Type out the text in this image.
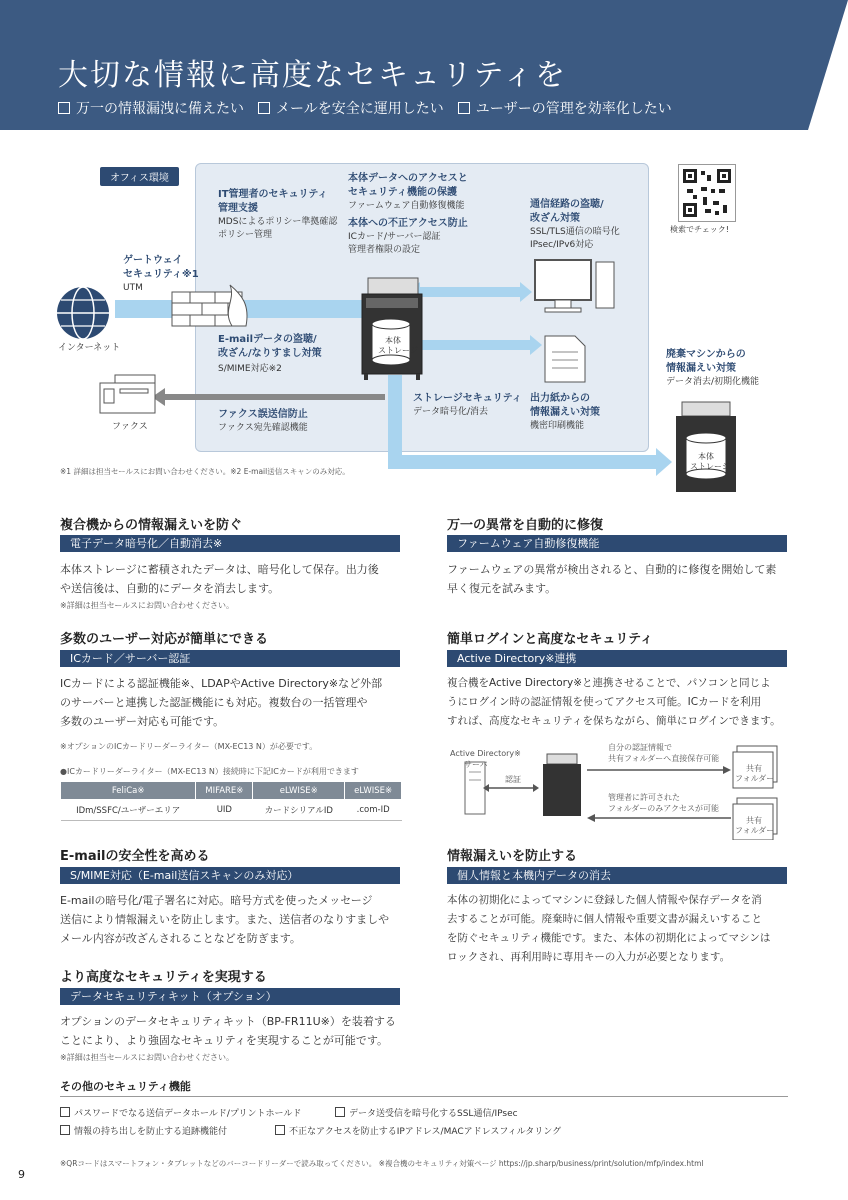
大切な情報に高度なセキュリティを
万一の情報漏洩に備えたい	メールを安全に運用したい	ユーザーの管理を効率化したい
オフィス環境
インターネット
ゲートウェイ
セキュリティ※1
UTM
IT管理者のセキュリティ
管理支援
MDSによるポリシー準拠確認
ポリシー管理
本体データへのアクセスと
セキュリティ機能の保護
ファームウェア自動修復機能
本体への不正アクセス防止
ICカード/サーバー認証
管理者権限の設定
通信経路の盗聴/
改ざん対策
SSL/TLS通信の暗号化
IPsec/IPv6対応
E-mailデータの盗聴/
改ざん/なりすまし対策
S/MIME対応※2
本体
ストレージ
ファクス
ファクス誤送信防止
ファクス宛先確認機能
ストレージセキュリティ
データ暗号化/消去
出力紙からの
情報漏えい対策
機密印刷機能
廃棄マシンからの
情報漏えい対策
データ消去/初期化機能
本体
ストレージ
検索でチェック!
※1 詳細は担当セールスにお問い合わせください。※2 E-mail送信スキャンのみ対応。
複合機からの情報漏えいを防ぐ
電子データ暗号化／自動消去※
本体ストレージに蓄積されたデータは、暗号化して保存。出力後
や送信後は、自動的にデータを消去します。
※詳細は担当セールスにお問い合わせください。
万一の異常を自動的に修復
ファームウェア自動修復機能
ファームウェアの異常が検出されると、自動的に修復を開始して素
早く復元を試みます。
多数のユーザー対応が簡単にできる
ICカード／サーバー認証
ICカードによる認証機能※、LDAPやActive Directory※など外部
のサーバーと連携した認証機能にも対応。複数台の一括管理や
多数のユーザー対応も可能です。
※オプションのICカードリーダーライター（MX-EC13 N）が必要です。
●ICカードリーダーライター（MX-EC13 N）接続時に下記ICカードが利用できます
FeliCa※	MIFARE※	eLWISE※	eLWISE※
IDm/SSFC/ユーザーエリア	UID	カードシリアルID	.com-ID
簡単ログインと高度なセキュリティ
Active Directory※連携
複合機をActive Directory※と連携させることで、パソコンと同じよ
うにログイン時の認証情報を使ってアクセス可能。ICカードを利用
すれば、高度なセキュリティを保ちながら、簡単にログインできます。
Active Directory※
サーバ
認証
自分の認証情報で
共有フォルダーへ直接保存可能
管理者に許可された
フォルダーのみアクセスが可能
共有
フォルダー
共有
フォルダー
E-mailの安全性を高める
S/MIME対応（E-mail送信スキャンのみ対応）
E-mailの暗号化/電子署名に対応。暗号方式を使ったメッセージ
送信により情報漏えいを防止します。また、送信者のなりすましや
メール内容が改ざんされることなどを防ぎます。
情報漏えいを防止する
個人情報と本機内データの消去
本体の初期化によってマシンに登録した個人情報や保存データを消
去することが可能。廃棄時に個人情報や重要文書が漏えいすること
を防ぐセキュリティ機能です。また、本体の初期化によってマシンは
ロックされ、再利用時に専用キーの入力が必要となります。
より高度なセキュリティを実現する
データセキュリティキット（オプション）
オプションのデータセキュリティキット（BP-FR11U※）を装着する
ことにより、より強固なセキュリティを実現することが可能です。
※詳細は担当セールスにお問い合わせください。
その他のセキュリティ機能
パスワードでなる送信データホールド/プリントホールド	データ送受信を暗号化するSSL通信/IPsec
情報の持ち出しを防止する追跡機能付	不正なアクセスを防止するIPアドレス/MACアドレスフィルタリング
※QRコードはスマートフォン・タブレットなどのバーコードリーダーで読み取ってください。 ※複合機のセキュリティ対策ページ https://jp.sharp/business/print/solution/mfp/index.html
9
